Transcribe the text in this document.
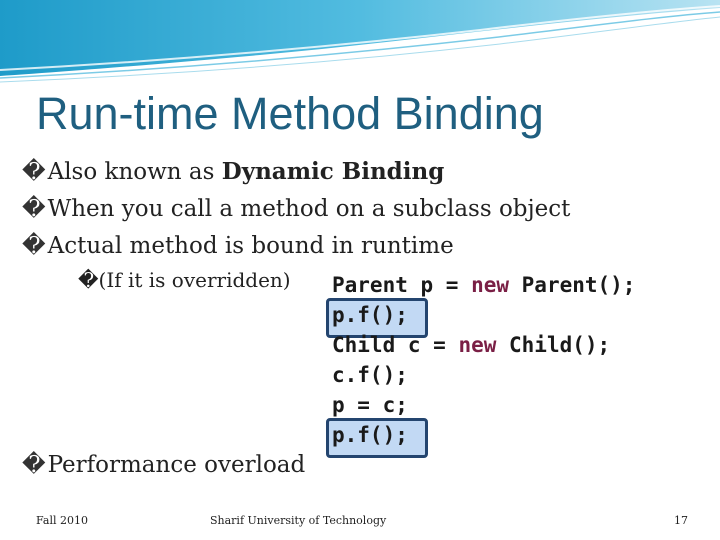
Run-time Method Binding
�Also known as Dynamic Binding
�When you call a method on a subclass object
�Actual method is bound in runtime
�(If it is overridden)
�Performance overload
Parent p = new Parent();
p.f();
Child c = new Child();
c.f();
p = c;
p.f();
Fall 2010	Sharif University of Technology	17
